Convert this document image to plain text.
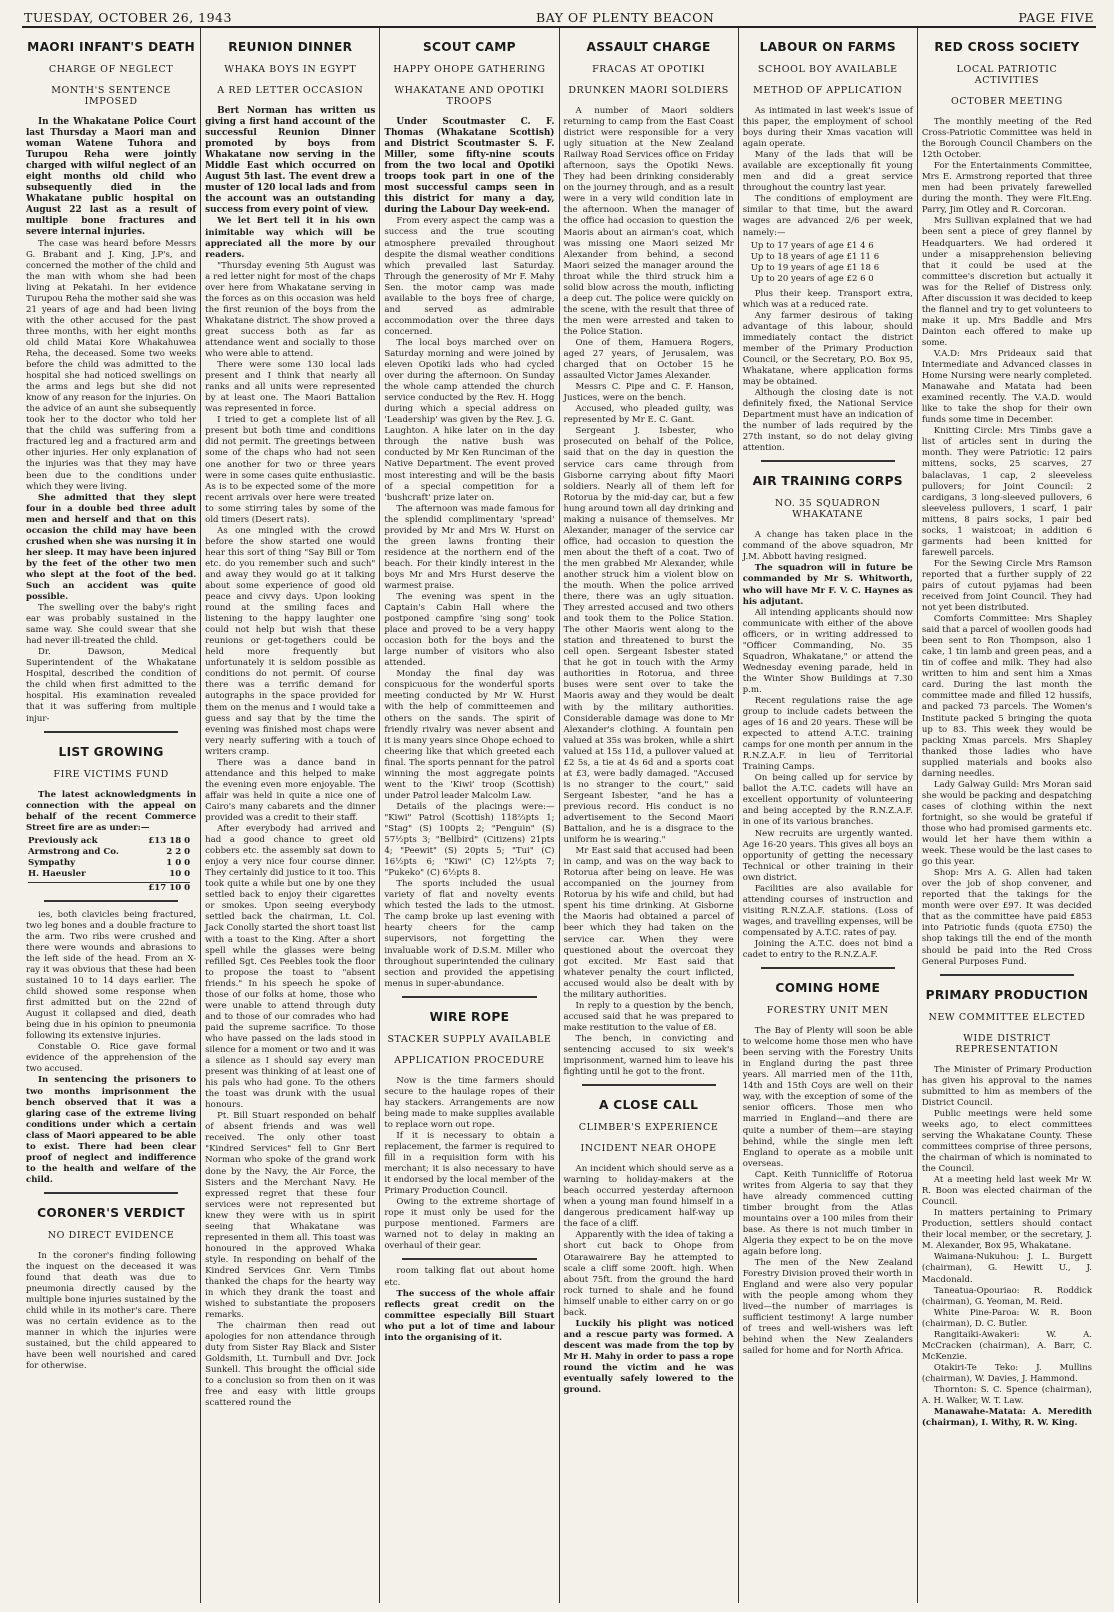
TUESDAY, OCTOBER 26, 1943	BAY OF PLENTY BEACON	PAGE FIVE
MAORI INFANT'S DEATH
CHARGE OF NEGLECT
MONTH'S SENTENCE IMPOSED

In the Whakatane Police Court last Thursday a Maori man and woman Watene Tuhora and Turupou Reha were jointly charged with wilful neglect of an eight months old child who subsequently died in the Whakatane public hospital on August 22 last as a result of multiple bone fractures and severe internal injuries.

The case was heard before Messrs G. Brabant and J. King, J.P's, and concerned the mother of the child and the man with whom she had been living at Pekatahi. In her evidence Turupou Reha the mother said she was 21 years of age and had been living with the other accused for the past three months, with her eight months old child Matai Kore Whakahuwea Reha, the deceased. Some two weeks before the child was admitted to the hospital she had noticed swellings on the arms and legs but she did not know of any reason for the injuries. On the advice of an aunt she subsequently took her to the doctor who told her that the child was suffering from a fractured leg and a fractured arm and other injuries. Her only explanation of the injuries was that they may have been due to the conditions under which they were living.

She admitted that they slept four in a double bed three adult men and herself and that on this occasion the child may have been crushed when she was nursing it in her sleep. It may have been injured by the feet of the other two men who slept at the foot of the bed. Such an accident was quite possible.

The swelling over the baby's right ear was probably sustained in the same way. She could swear that she had never ill-treated the child.

Dr. Dawson, Medical Superintendent of the Whakatane Hospital, described the condition of the child when first admitted to the hospital. His examination revealed that it was suffering from multiple injur-

LIST GROWING
FIRE VICTIMS FUND

The latest acknowledgments in connection with the appeal on behalf of the recent Commerce Street fire are as under:—

Previously ack	£13 18 0
Armstrong and Co.	2 2 0
Sympathy	1 0 0
H. Haeusler	10 0
£17 10 0

ies, both clavicles being fractured, two leg bones and a double fracture to the arm. Two ribs were crushed and there were wounds and abrasions to the left side of the head. From an X-ray it was obvious that these had been sustained 10 to 14 days earlier. The child showed some response when first admitted but on the 22nd of August it collapsed and died, death being due in his opinion to pneumonia following its extensive injuries.

Constable O. Rice gave formal evidence of the apprehension of the two accused.

In sentencing the prisoners to two months imprisonment the bench observed that it was a glaring case of the extreme living conditions under which a certain class of Maori appeared to be able to exist. There had been clear proof of neglect and indifference to the health and welfare of the child.

CORONER'S VERDICT
NO DIRECT EVIDENCE

In the coroner's finding following the inquest on the deceased it was found that death was due to pneumonia directly caused by the multiple bone injuries sustained by the child while in its mother's care. There was no certain evidence as to the manner in which the injuries were sustained, but the child appeared to have been well nourished and cared for otherwise.

REUNION DINNER
WHAKA BOYS IN EGYPT
A RED LETTER OCCASION

Bert Norman has written us giving a first hand account of the successful Reunion Dinner promoted by boys from Whakatane now serving in the Middle East which occurred on August 5th last. The event drew a muster of 120 local lads and from the account was an outstanding success from every point of view.

We let Bert tell it in his own inimitable way which will be appreciated all the more by our readers.

"Thursday evening 5th August was a red letter night for most of the chaps over here from Whakatane serving in the forces as on this occasion was held the first reunion of the boys from the Whakatane district. The show proved a great success both as far as attendance went and socially to those who were able to attend.

There were some 130 local lads present and I think that nearly all ranks and all units were represented by at least one. The Maori Battalion was represented in force.

I tried to get a complete list of all present but both time and conditions did not permit. The greetings between some of the chaps who had not seen one another for two or three years were in some cases quite enthusiastic. As is to be expected some of the more recent arrivals over here were treated to some stirring tales by some of the old timers (Desert rats).

As one mingled with the crowd before the show started one would hear this sort of thing "Say Bill or Tom etc. do you remember such and such" and away they would go at it talking about some experience of good old peace and civvy days. Upon looking round at the smiling faces and listening to the happy laughter one could not help but wish that these reunions or get-togethers could be held more frequently but unfortunately it is seldom possible as conditions do not permit. Of course there was a terrific demand for autographs in the space provided for them on the menus and I would take a guess and say that by the time the evening was finished most chaps were very nearly suffering with a touch of writers cramp.

There was a dance band in attendance and this helped to make the evening even more enjoyable. The affair was held in quite a nice one of Cairo's many cabarets and the dinner provided was a credit to their staff.

After everybody had arrived and had a good chance to greet old cobbers etc. the assembly sat down to enjoy a very nice four course dinner. They certainly did justice to it too. This took quite a while but one by one they settled back to enjoy their cigarettes or smokes. Upon seeing everybody settled back the chairman, Lt. Col. Jack Conolly started the short toast list with a toast to the King. After a short spell while the glasses were being refilled Sgt. Ces Peebles took the floor to propose the toast to "absent friends." In his speech he spoke of those of our folks at home, those who were unable to attend through duty and to those of our comrades who had paid the supreme sacrifice. To those who have passed on the lads stood in silence for a moment or two and it was a silence as I should say every man present was thinking of at least one of his pals who had gone. To the others the toast was drunk with the usual honours.

Pt. Bill Stuart responded on behalf of absent friends and was well received. The only other toast "Kindred Services" fell to Gnr Bert Norman who spoke of the grand work done by the Navy, the Air Force, the Sisters and the Merchant Navy. He expressed regret that these four services were not represented but knew they were with us in spirit seeing that Whakatane was represented in them all. This toast was honoured in the approved Whaka style. In responding on behalf of the Kindred Services Gnr. Vern Timbs thanked the chaps for the hearty way in which they drank the toast and wished to substantiate the proposers remarks.

The chairman then read out apologies for non attendance through duty from Sister Ray Black and Sister Goldsmith, Lt. Turnbull and Dvr. Jock Sunkell. This brought the official side to a conclusion so from then on it was free and easy with little groups scattered round the

SCOUT CAMP
HAPPY OHOPE GATHERING
WHAKATANE AND OPOTIKI TROOPS

Under Scoutmaster C. F. Thomas (Whakatane Scottish) and District Scoutmaster S. F. Miller, some fifty-nine scouts from the two local and Opotiki troops took part in one of the most successful camps seen in this district for many a day, during the Labour Day week-end.

From every aspect the camp was a success and the true scouting atmosphere prevailed throughout despite the dismal weather conditions which prevailed last Saturday. Through the generosity of Mr F. Mahy Sen. the motor camp was made available to the boys free of charge, and served as admirable accommodation over the three days concerned.

The local boys marched over on Saturday morning and were joined by eleven Opotiki lads who had cycled over during the afternoon. On Sunday the whole camp attended the church service conducted by the Rev. H. Hogg during which a special address on 'Leadership' was given by the Rev. J. G. Laughton. A hike later on in the day through the native bush was conducted by Mr Ken Runciman of the Native Department. The event proved most interesting and will be the basis of a special competition for a 'bushcraft' prize later on.

The afternoon was made famous for the splendid complimentary 'spread' provided by Mr and Mrs W. Hurst on the green lawns fronting their residence at the northern end of the beach. For their kindly interest in the boys Mr and Mrs Hurst deserve the warmest praise.

The evening was spent in the Captain's Cabin Hall where the postponed campfire 'sing song' took place and proved to be a very happy occasion both for the boys and the large number of visitors who also attended.

Monday the final day was conspicuous for the wonderful sports meeting conducted by Mr W. Hurst with the help of committeemen and others on the sands. The spirit of friendly rivalry was never absent and it is many years since Ohope echoed to cheering like that which greeted each final. The sports pennant for the patrol winning the most aggregate points went to the 'Kiwi' troop (Scottish) under Patrol leader Malcolm Law.

Details of the placings were:— "Kiwi" Patrol (Scottish) 118⅔pts 1; "Stag" (S) 100pts 2; "Penguin" (S) 57½pts 3; "Bellbird" (Citizens) 21pts 4; "Peewit" (S) 20pts 5; "Tui" (C) 16½pts 6; "Kiwi" (C) 12½pts 7; "Pukeko" (C) 6½pts 8.

The sports included the usual variety of flat and novelty events which tested the lads to the utmost. The camp broke up last evening with hearty cheers for the camp supervisors, not forgetting the invaluable work of D.S.M. Miller who throughout superintended the culinary section and provided the appetising menus in super-abundance.

WIRE ROPE
STACKER SUPPLY AVAILABLE
APPLICATION PROCEDURE

Now is the time farmers should secure to the haulage ropes of their hay stackers. Arrangements are now being made to make supplies available to replace worn out rope.

If it is necessary to obtain a replacement, the farmer is required to fill in a requisition form with his merchant; it is also necessary to have it endorsed by the local member of the Primary Production Council.

Owing to the extreme shortage of rope it must only be used for the purpose mentioned. Farmers are warned not to delay in making an overhaul of their gear.

room talking flat out about home etc.

The success of the whole affair reflects great credit on the committee especially Bill Stuart who put a lot of time and labour into the organising of it.

ASSAULT CHARGE
FRACAS AT OPOTIKI
DRUNKEN MAORI SOLDIERS

A number of Maori soldiers returning to camp from the East Coast district were responsible for a very ugly situation at the New Zealand Railway Road Services office on Friday afternoon, says the Opotiki News. They had been drinking considerably on the journey through, and as a result were in a very wild condition late in the afternoon. When the manager of the office had occasion to question the Maoris about an airman's coat, which was missing one Maori seized Mr Alexander from behind, a second Maori seized the manager around the throat while the third struck him a solid blow across the mouth, inflicting a deep cut. The police were quickly on the scene, with the result that three of the men were arrested and taken to the Police Station.

One of them, Hamuera Rogers, aged 27 years, of Jerusalem, was charged that on October 15 he assaulted Victor James Alexander.

Messrs C. Pipe and C. F. Hanson, Justices, were on the bench.

Accused, who pleaded guilty, was represented by Mr E. C. Gant.

Sergeant J. Isbester, who prosecuted on behalf of the Police, said that on the day in question the service cars came through from Gisborne carrying about fifty Maori soldiers. Nearly all of them left for Rotorua by the mid-day car, but a few hung around town all day drinking and making a nuisance of themselves. Mr Alexander, manager of the service car office, had occasion to question the men about the theft of a coat. Two of the men grabbed Mr Alexander, while another struck him a violent blow on the mouth. When the police arrived there, there was an ugly situation. They arrested accused and two others and took them to the Police Station. The other Maoris went along to the station and threatened to burst the cell open. Sergeant Isbester stated that he got in touch with the Army authorities in Rotorua, and three buses were sent over to take the Maoris away and they would be dealt with by the military authorities. Considerable damage was done to Mr Alexander's clothing. A fountain pen valued at 35s was broken, while a shirt valued at 15s 11d, a pullover valued at £2 5s, a tie at 4s 6d and a sports coat at £3, were badly damaged. "Accused is no stranger to the court," said Sergeant Isbester, "and he has a previous record. His conduct is no advertisement to the Second Maori Battalion, and he is a disgrace to the uniform he is wearing."

Mr East said that accused had been in camp, and was on the way back to Rotorua after being on leave. He was accompanied on the journey from Rotorua by his wife and child, but had spent his time drinking. At Gisborne the Maoris had obtained a parcel of beer which they had taken on the service car. When they were questioned about the overcoat they got excited. Mr East said that whatever penalty the court inflicted, accused would also be dealt with by the military authorities.

In reply to a question by the bench, accused said that he was prepared to make restitution to the value of £8.

The bench, in convicting and sentencing accused to six week's imprisonment, warned him to leave his fighting until he got to the front.

A CLOSE CALL
CLIMBER'S EXPERIENCE
INCIDENT NEAR OHOPE

An incident which should serve as a warning to holiday-makers at the beach occurred yesterday afternoon when a young man found himself in a dangerous predicament half-way up the face of a cliff.

Apparently with the idea of taking a short cut back to Ohope from Otarawairere Bay he attempted to scale a cliff some 200ft. high. When about 75ft. from the ground the hard rock turned to shale and he found himself unable to either carry on or go back.

Luckily his plight was noticed and a rescue party was formed. A descent was made from the top by Mr H. Mahy in order to pass a rope round the victim and he was eventually safely lowered to the ground.

LABOUR ON FARMS
SCHOOL BOY AVAILABLE
METHOD OF APPLICATION

As intimated in last week's issue of this paper, the employment of school boys during their Xmas vacation will again operate.

Many of the lads that will be available are exceptionally fit young men and did a great service throughout the country last year.

The conditions of employment are similar to that time, but the award wages are advanced 2/6 per week, namely:—

Up to 17 years of age £1 4 6
Up to 18 years of age £1 11 6
Up to 19 years of age £1 18 6
Up to 20 years of age £2 6 0

Plus their keep. Transport extra, which was at a reduced rate.

Any farmer desirous of taking advantage of this labour, should immediately contact the district member of the Primary Production Council, or the Secretary, P.O. Box 95, Whakatane, where application forms may be obtained.

Although the closing date is not definitely fixed, the National Service Department must have an indication of the number of lads required by the 27th instant, so do not delay giving attention.

AIR TRAINING CORPS
NO. 35 SQUADRON WHAKATANE

A change has taken place in the command of the above squadron, Mr J.M. Abbott having resigned.

The squadron will in future be commanded by Mr S. Whitworth, who will have Mr F. V. C. Haynes as his adjutant.

All intending applicants should now communicate with either of the above officers, or in writing addressed to "Officer Commanding, No. 35 Squadron, Whakatane," or attend the Wednesday evening parade, held in the Winter Show Buildings at 7.30 p.m.

Recent regulations raise the age group to include cadets between the ages of 16 and 20 years. These will be expected to attend A.T.C. training camps for one month per annum in the R.N.Z.A.F. in lieu of Territorial Training Camps.

On being called up for service by ballot the A.T.C. cadets will have an excellent opportunity of volunteering and being accepted by the R.N.Z.A.F. in one of its various branches.

New recruits are urgently wanted. Age 16-20 years. This gives all boys an opportunity of getting the necessary Technical or other training in their own district.

Facilities are also available for attending courses of instruction and visiting R.N.Z.A.F. stations. (Loss of wages, and travelling expenses, will be compensated by A.T.C. rates of pay.

Joining the A.T.C. does not bind a cadet to entry to the R.N.Z.A.F.

COMING HOME
FORESTRY UNIT MEN

The Bay of Plenty will soon be able to welcome home those men who have been serving with the Forestry Units in England during the past three years. All married men of the 11th, 14th and 15th Coys are well on their way, with the exception of some of the senior officers. Those men who married in England—and there are quite a number of them—are staying behind, while the single men left England to operate as a mobile unit overseas.

Capt. Keith Tunnicliffe of Rotorua writes from Algeria to say that they have already commenced cutting timber brought from the Atlas mountains over a 100 miles from their base. As there is not much timber in Algeria they expect to be on the move again before long.

The men of the New Zealand Forestry Division proved their worth in England and were also very popular with the people among whom they lived—the number of marriages is sufficient testimony! A large number of trees and well-wishers was left behind when the New Zealanders sailed for home and for North Africa.

RED CROSS SOCIETY
LOCAL PATRIOTIC ACTIVITIES
OCTOBER MEETING

The monthly meeting of the Red Cross-Patriotic Committee was held in the Borough Council Chambers on the 12th October.

For the Entertainments Committee, Mrs E. Armstrong reported that three men had been privately farewelled during the month. They were Flt.Eng. Parry, Jim Otley and R. Corcoran.

Mrs Sullivan explained that we had been sent a piece of grey flannel by Headquarters. We had ordered it under a misapprehension believing that it could be used at the committee's discretion but actually it was for the Relief of Distress only. After discussion it was decided to keep the flannel and try to get volunteers to make it up. Mrs Baddle and Mrs Dainton each offered to make up some.

V.A.D: Mrs Prideaux said that Intermediate and Advanced classes in Home Nursing were nearly completed. Manawahe and Matata had been examined recently. The V.A.D. would like to take the shop for their own funds some time in December.

Knitting Circle: Mrs Timbs gave a list of articles sent in during the month. They were Patriotic: 12 pairs mittens, socks, 25 scarves, 27 balaclavas, 1 cap, 2 sleeveless pullovers; for Joint Council: 2 cardigans, 3 long-sleeved pullovers, 6 sleeveless pullovers, 1 scarf, 1 pair mittens, 8 pairs socks, 1 pair bed socks, 1 waistcoat; in addition 6 garments had been knitted for farewell parcels.

For the Sewing Circle Mrs Ramson reported that a further supply of 22 pairs of cutout pyjamas had been received from Joint Council. They had not yet been distributed.

Comforts Committee: Mrs Shapley said that a parcel of woollen goods had been sent to Ron Thompson, also 1 cake, 1 tin lamb and green peas, and a tin of coffee and milk. They had also written to him and sent him a Xmas card. During the last month the committee made and filled 12 hussifs, and packed 73 parcels. The Women's Institute packed 5 bringing the quota up to 83. This week they would be packing Xmas parcels. Mrs Shapley thanked those ladies who have supplied materials and books also darning needles.

Lady Galway Guild: Mrs Moran said she would be packing and despatching cases of clothing within the next fortnight, so she would be grateful if those who had promised garments etc. would let her have them within a week. These would be the last cases to go this year.

Shop: Mrs A. G. Allen had taken over the job of shop convener, and reported that the takings for the month were over £97. It was decided that as the committee have paid £853 into Patriotic funds (quota £750) the shop takings till the end of the month should be paid into the Red Cross General Purposes Fund.

PRIMARY PRODUCTION
NEW COMMITTEE ELECTED
WIDE DISTRICT REPRESENTATION

The Minister of Primary Production has given his approval to the names submitted to him as members of the District Council.

Public meetings were held some weeks ago, to elect committees serving the Whakatane County. These committees comprise of three persons, the chairman of which is nominated to the Council.

At a meeting held last week Mr W. R. Boon was elected chairman of the Council.

In matters pertaining to Primary Production, settlers should contact their local member, or the secretary, J. M. Alexander, Box 95, Whakatane.

Waimana-Nukuhou: J. L. Burgett (chairman), G. Hewitt U., J. Macdonald.

Taneatua-Opouriao: R. Roddick (chairman), G. Yeoman, M. Reid.

White Pine-Paroa: W. R. Boon (chairman), D. C. Butler.

Rangitaiki-Awakeri: W. A. McCracken (chairman), A. Barr, C. McKenzie.

Otakiri-Te Teko: J. Mullins (chairman), W. Davies, J. Hammond.

Thornton: S. C. Spence (chairman), A. H. Walker, W. T. Law.

Manawahe-Matata: A. Meredith (chairman), I. Withy, R. W. King.
